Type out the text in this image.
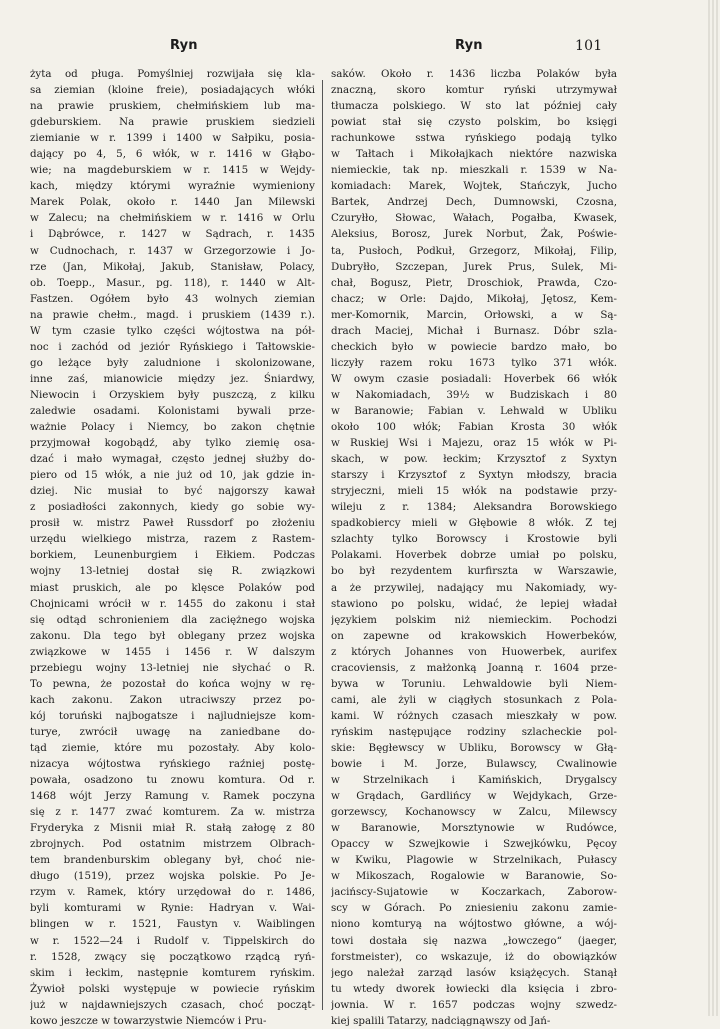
Ryn	Ryn	101
żyta od pługa. Pomyślniej rozwijała się kla-
sa ziemian (kloine freie), posiadających włóki
na prawie pruskiem, chełmińskiem lub ma-
gdeburskiem. Na prawie pruskiem siedzieli
ziemianie w r. 1399 i 1400 w Sałpiku, posia-
dający po 4, 5, 6 włók, w r. 1416 w Głąbo-
wie; na magdeburskiem w r. 1415 w Wejdy-
kach, między którymi wyraźnie wymieniony
Marek Polak, około r. 1440 Jan Milewski
w Zalecu; na chełmińskiem w r. 1416 w Orlu
i Dąbrówce, r. 1427 w Sądrach, r. 1435
w Cudnochach, r. 1437 w Grzegorzowie i Jo-
rze (Jan, Mikołaj, Jakub, Stanisław, Polacy,
ob. Toepp., Masur., pg. 118), r. 1440 w Alt-
Fastzen. Ogółem było 43 wolnych ziemian
na prawie chełm., magd. i pruskiem (1439 r.).
W tym czasie tylko części wójtostwa na pół-
noc i zachód od jeziór Ryńskiego i Tałtowskie-
go leżące były zaludnione i skolonizowane,
inne zaś, mianowicie między jez. Śniardwy,
Niewocin i Orzyskiem były puszczą, z kilku
zaledwie osadami. Kolonistami bywali prze-
ważnie Polacy i Niemcy, bo zakon chętnie
przyjmował kogobądź, aby tylko ziemię osa-
dzać i mało wymagał, często jednej służby do-
piero od 15 włók, a nie już od 10, jak gdzie in-
dziej. Nic musiał to być najgorszy kawał
z posiadłości zakonnych, kiedy go sobie wy-
prosił w. mistrz Paweł Russdorf po złożeniu
urzędu wielkiego mistrza, razem z Rastem-
borkiem, Leunenburgiem i Ełkiem. Podczas
wojny 13-letniej dostał się R. związkowi
miast pruskich, ale po klęsce Polaków pod
Chojnicami wrócił w r. 1455 do zakonu i stał
się odtąd schronieniem dla zaciężnego wojska
zakonu. Dla tego był oblegany przez wojska
związkowe w 1455 i 1456 r. W dalszym
przebiegu wojny 13-letniej nie słychać o R.
To pewna, że pozostał do końca wojny w rę-
kach zakonu. Zakon utraciwszy przez po-
kój toruński najbogatsze i najludniejsze kom-
turye, zwrócił uwagę na zaniedbane do-
tąd ziemie, które mu pozostały. Aby kolo-
nizacya wójtostwa ryńskiego raźniej postę-
powała, osadzono tu znowu komtura. Od r.
1468 wójt Jerzy Ramung v. Ramek poczyna
się z r. 1477 zwać komturem. Za w. mistrza
Fryderyka z Misnii miał R. stałą załogę z 80
zbrojnych. Pod ostatnim mistrzem Olbrach-
tem brandenburskim oblegany był, choć nie-
długo (1519), przez wojska polskie. Po Je-
rzym v. Ramek, który urzędował do r. 1486,
byli komturami w Rynie: Hadryan v. Wai-
blingen w r. 1521, Faustyn v. Waiblingen
w r. 1522—24 i Rudolf v. Tippelskirch do
r. 1528, zwący się początkowo rządcą ryń-
skim i łeckim, następnie komturem ryńskim.
Żywioł polski występuje w powiecie ryńskim
już w najdawniejszych czasach, choć począt-
kowo jeszcze w towarzystwie Niemców i Pru-
saków. Około r. 1436 liczba Polaków była
znaczną, skoro komtur ryński utrzymywał
tłumacza polskiego. W sto lat później cały
powiat stał się czysto polskim, bo księgi
rachunkowe sstwa ryńskiego podają tylko
w Tałtach i Mikołajkach niektóre nazwiska
niemieckie, tak np. mieszkali r. 1539 w Na-
komiadach: Marek, Wojtek, Stańczyk, Jucho
Bartek, Andrzej Dech, Dumnowski, Czosna,
Czuryłło, Słowac, Wałach, Pogałba, Kwasek,
Aleksius, Borosz, Jurek Norbut, Żak, Poświe-
ta, Pusłoch, Podkuł, Grzegorz, Mikołaj, Filip,
Dubryłło, Szczepan, Jurek Prus, Sulek, Mi-
chał, Bogusz, Pietr, Droschiok, Prawda, Czo-
chacz; w Orle: Dajdo, Mikołaj, Jętosz, Kem-
mer-Komornik, Marcin, Orłowski, a w Są-
drach Maciej, Michał i Burnasz. Dóbr szla-
checkich było w powiecie bardzo mało, bo
liczyły razem roku 1673 tylko 371 włók.
W owym czasie posiadali: Hoverbek 66 włók
w Nakomiadach, 39½ w Budziskach i 80
w Baranowie; Fabian v. Lehwald w Ubliku
około 100 włók; Fabian Krosta 30 włók
w Ruskiej Wsi i Majezu, oraz 15 włók w Pi-
skach, w pow. łeckim; Krzysztof z Syxtyn
starszy i Krzysztof z Syxtyn młodszy, bracia
stryjeczni, mieli 15 włók na podstawie przy-
wileju z r. 1384; Aleksandra Borowskiego
spadkobiercy mieli w Głębowie 8 włók. Z tej
szlachty tylko Borowscy i Krostowie byli
Polakami. Hoverbek dobrze umiał po polsku,
bo był rezydentem kurfirszta w Warszawie,
a że przywilej, nadający mu Nakomiady, wy-
stawiono po polsku, widać, że lepiej władał
językiem polskim niż niemieckim. Pochodzi
on zapewne od krakowskich Howerbeków,
z których Johannes von Huowerbek, aurifex
cracoviensis, z małżonką Joanną r. 1604 prze-
bywa w Toruniu. Lehwaldowie byli Niem-
cami, ale żyli w ciągłych stosunkach z Pola-
kami. W różnych czasach mieszkały w pow.
ryńskim następujące rodziny szlacheckie pol-
skie: Bęgłewscy w Ubliku, Borowscy w Głą-
bowie i M. Jorze, Bulawscy, Cwalinowie
w Strzelnikach i Kamińskich, Drygalscy
w Grądach, Gardlińcy w Wejdykach, Grze-
gorzewscy, Kochanowscy w Zalcu, Milewscy
w Baranowie, Morsztynowie w Rudówce,
Opaccy w Szwejkowie i Szwejkówku, Pęcoy
w Kwiku, Plagowie w Strzelnikach, Pułascy
w Mikoszach, Rogalowie w Baranowie, So-
jacińscy-Sujatowie w Koczarkach, Zaborow-
scy w Górach. Po zniesieniu zakonu zamie-
niono komturyą na wójtostwo główne, a wój-
towi dostała się nazwa „łowczego“ (jaeger,
forstmeister), co wskazuje, iż do obowiązków
jego należał zarząd lasów książęcych. Stanął
tu wtedy dworek łowiecki dla księcia i zbro-
jownia. W r. 1657 podczas wojny szwedz-
kiej spalili Tatarzy, nadciągnąwszy od Jań-
